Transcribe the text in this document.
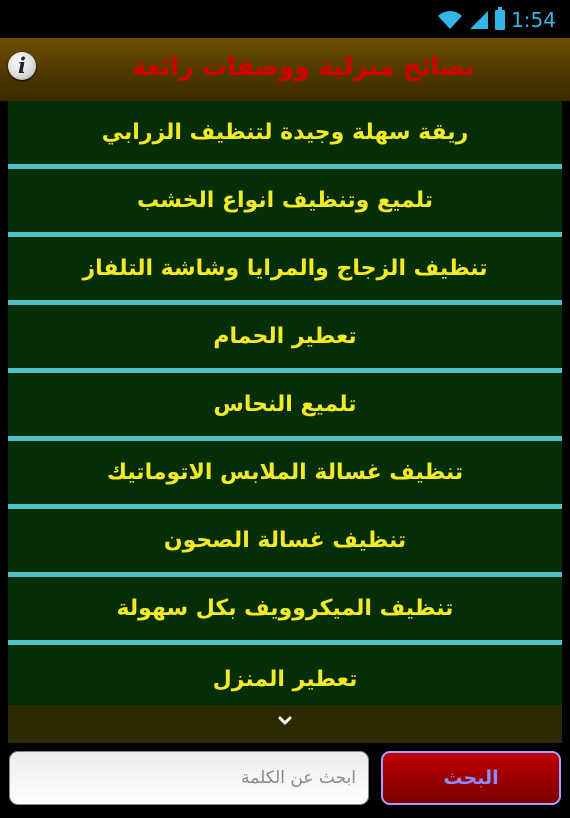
1:54
i	نصائح منزلية ووصفات رائعة
ريقة سهلة وجيدة لتنظيف الزرابي
تلميع وتنظيف انواع الخشب
تنظيف الزجاج والمرايا وشاشة التلفاز
تعطير الحمام
تلميع النحاس
تنظيف غسالة الملابس الاتوماتيك
تنظيف غسالة الصحون
تنظيف الميكروويف بكل سهولة
تعطير المنزل
ابحث عن الكلمة
البحث
